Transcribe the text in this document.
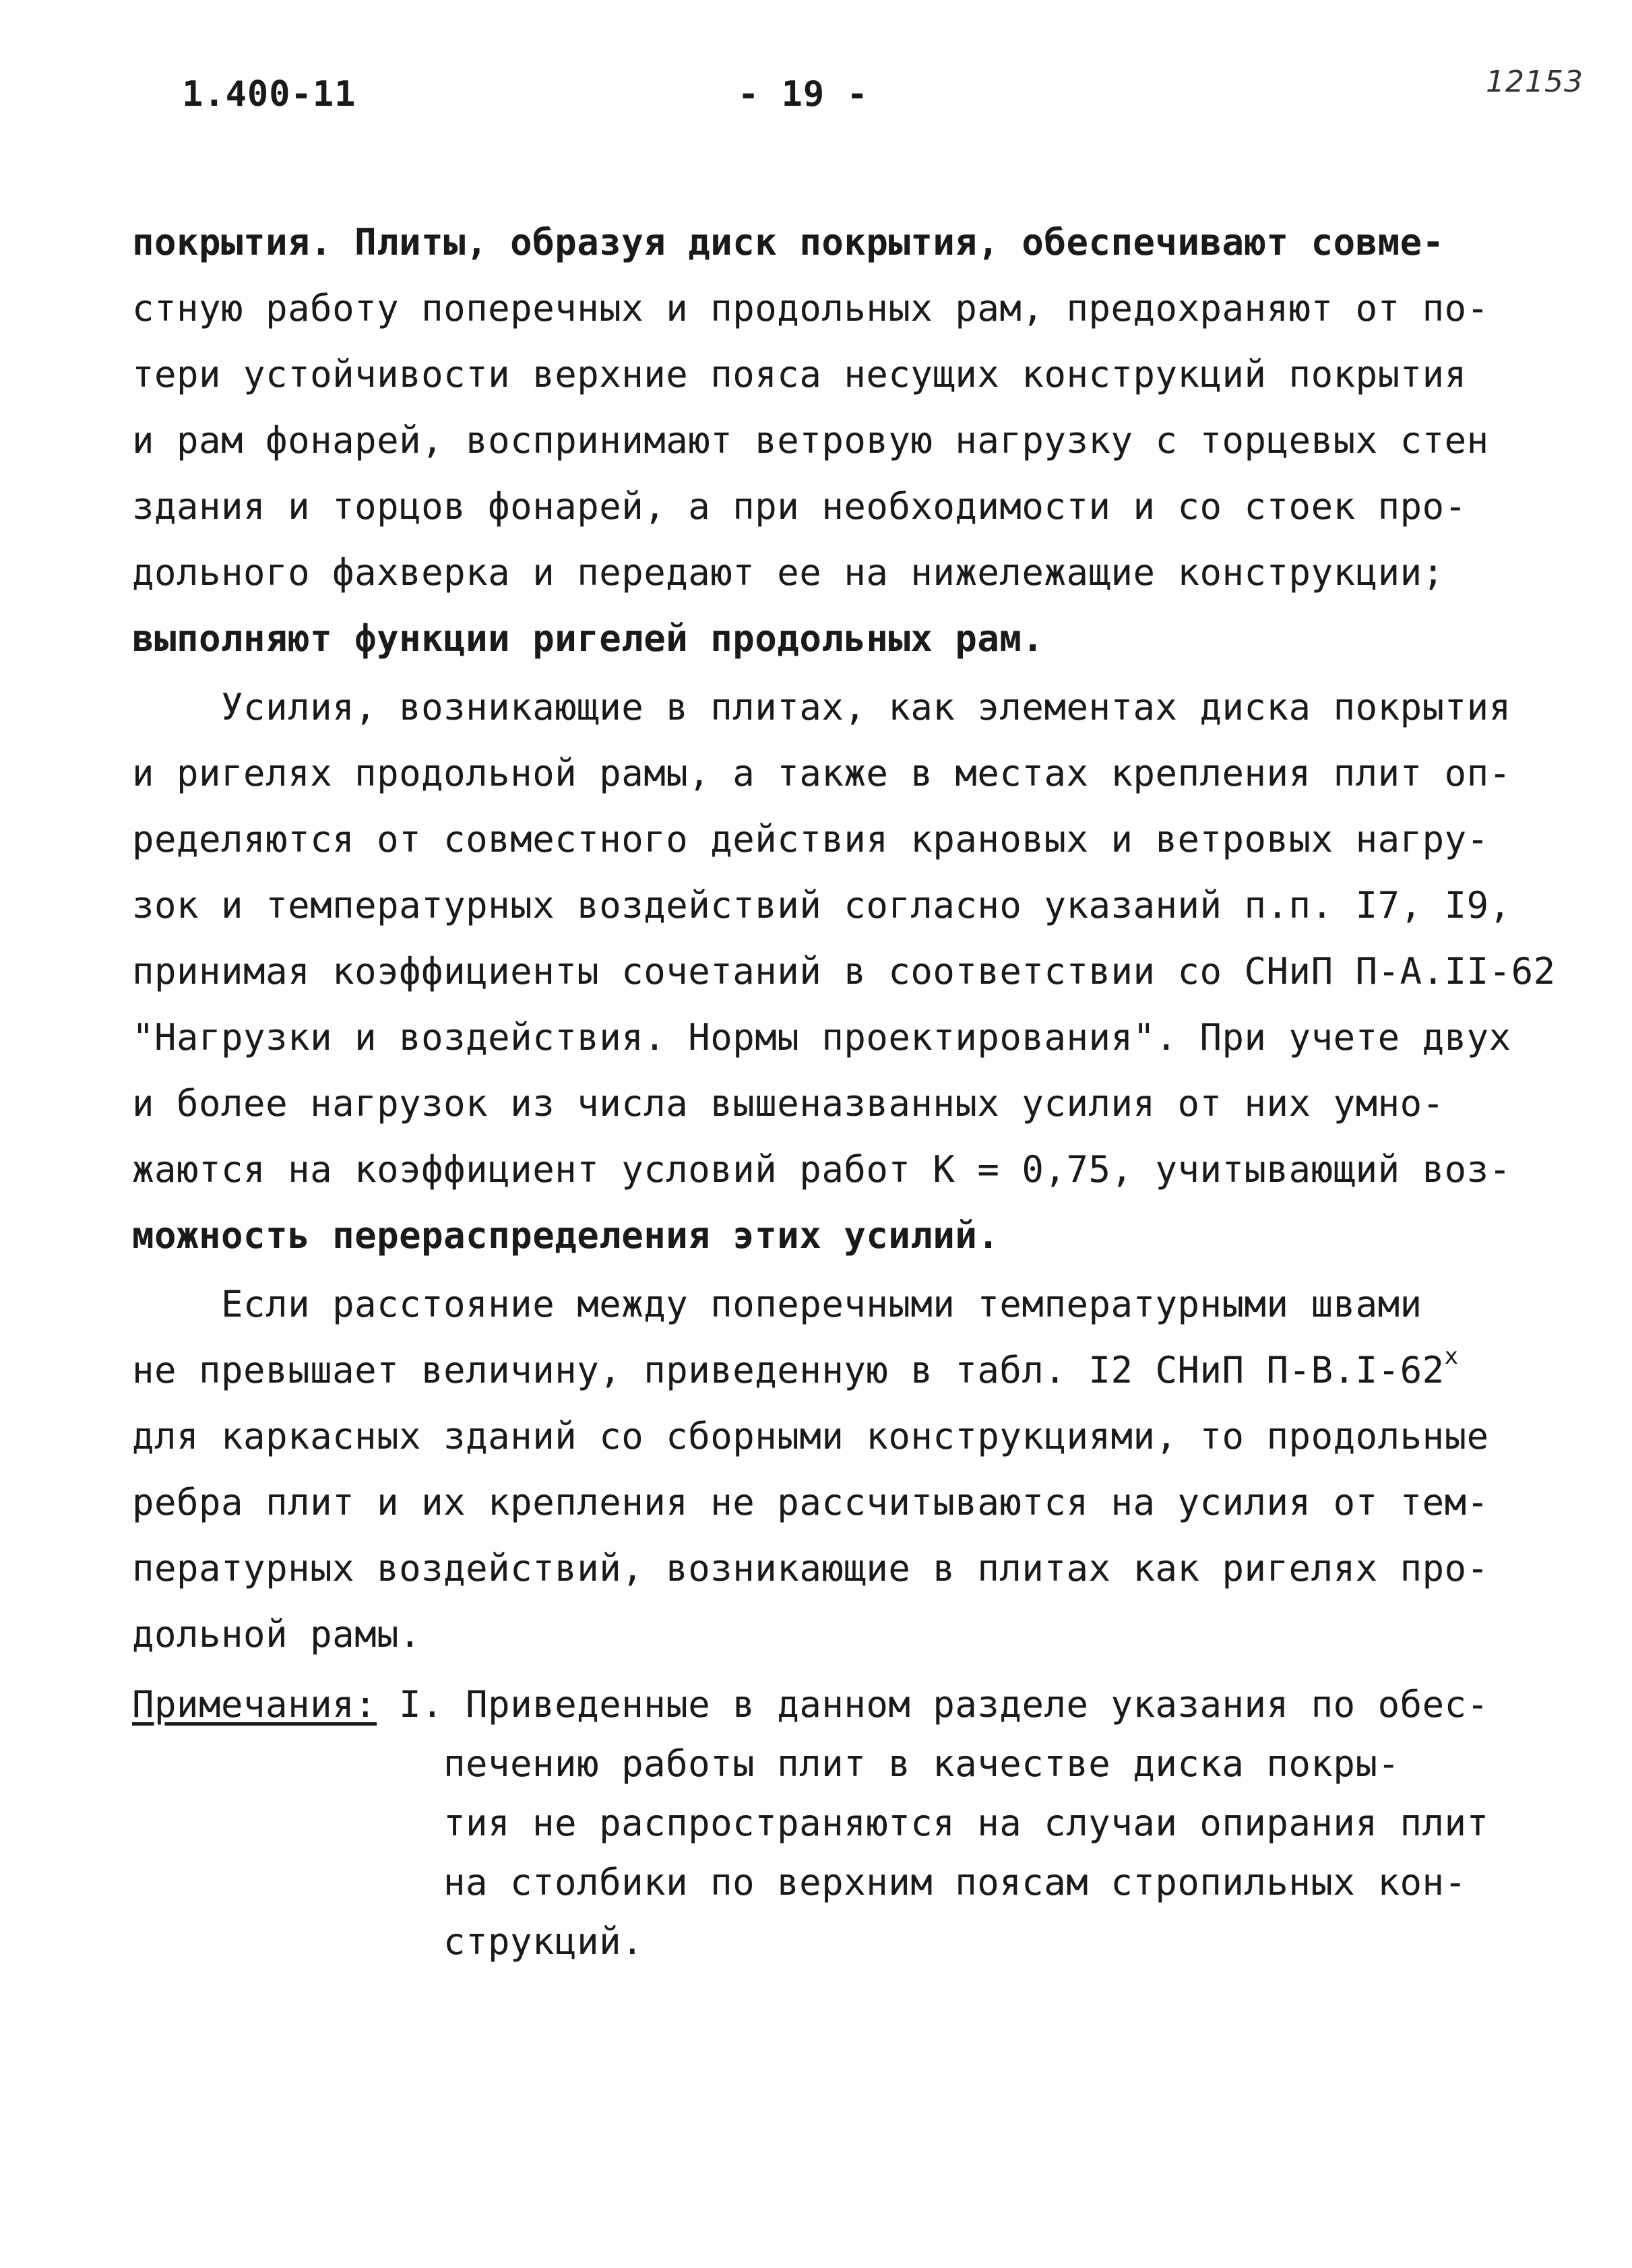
1.400-11	- 19 -	12153
покрытия. Плиты, образуя диск покрытия, обеспечивают совме-
стную работу поперечных и продольных рам, предохраняют от по-
тери устойчивости верхние пояса несущих конструкций покрытия
и рам фонарей, воспринимают ветровую нагрузку с торцевых стен
здания и торцов фонарей, а при необходимости и со стоек про-
дольного фахверка и передают ее на нижележащие конструкции;
выполняют функции ригелей продольных рам.
Усилия, возникающие в плитах, как элементах диска покрытия
и ригелях продольной рамы, а также в местах крепления плит оп-
ределяются от совместного действия крановых и ветровых нагру-
зок и температурных воздействий согласно указаний п.п. I7, I9,
принимая коэффициенты сочетаний в соответствии со СНиП П-А.II-62
"Нагрузки и воздействия. Нормы проектирования". При учете двух
и более нагрузок из числа вышеназванных усилия от них умно-
жаются на коэффициент условий работ К = 0,75, учитывающий воз-
можность перераспределения этих усилий.
Если расстояние между поперечными температурными швами
не превышает величину, приведенную в табл. I2 СНиП $П-В.I-62^х$
для каркасных зданий со сборными конструкциями, то продольные
ребра плит и их крепления не рассчитываются на усилия от тем-
пературных воздействий, возникающие в плитах как ригелях про-
дольной рамы.
Примечания: I. Приведенные в данном разделе указания по обес-
печению работы плит в качестве диска покры-
тия не распространяются на случаи опирания плит
на столбики по верхним поясам стропильных кон-
струкций.
